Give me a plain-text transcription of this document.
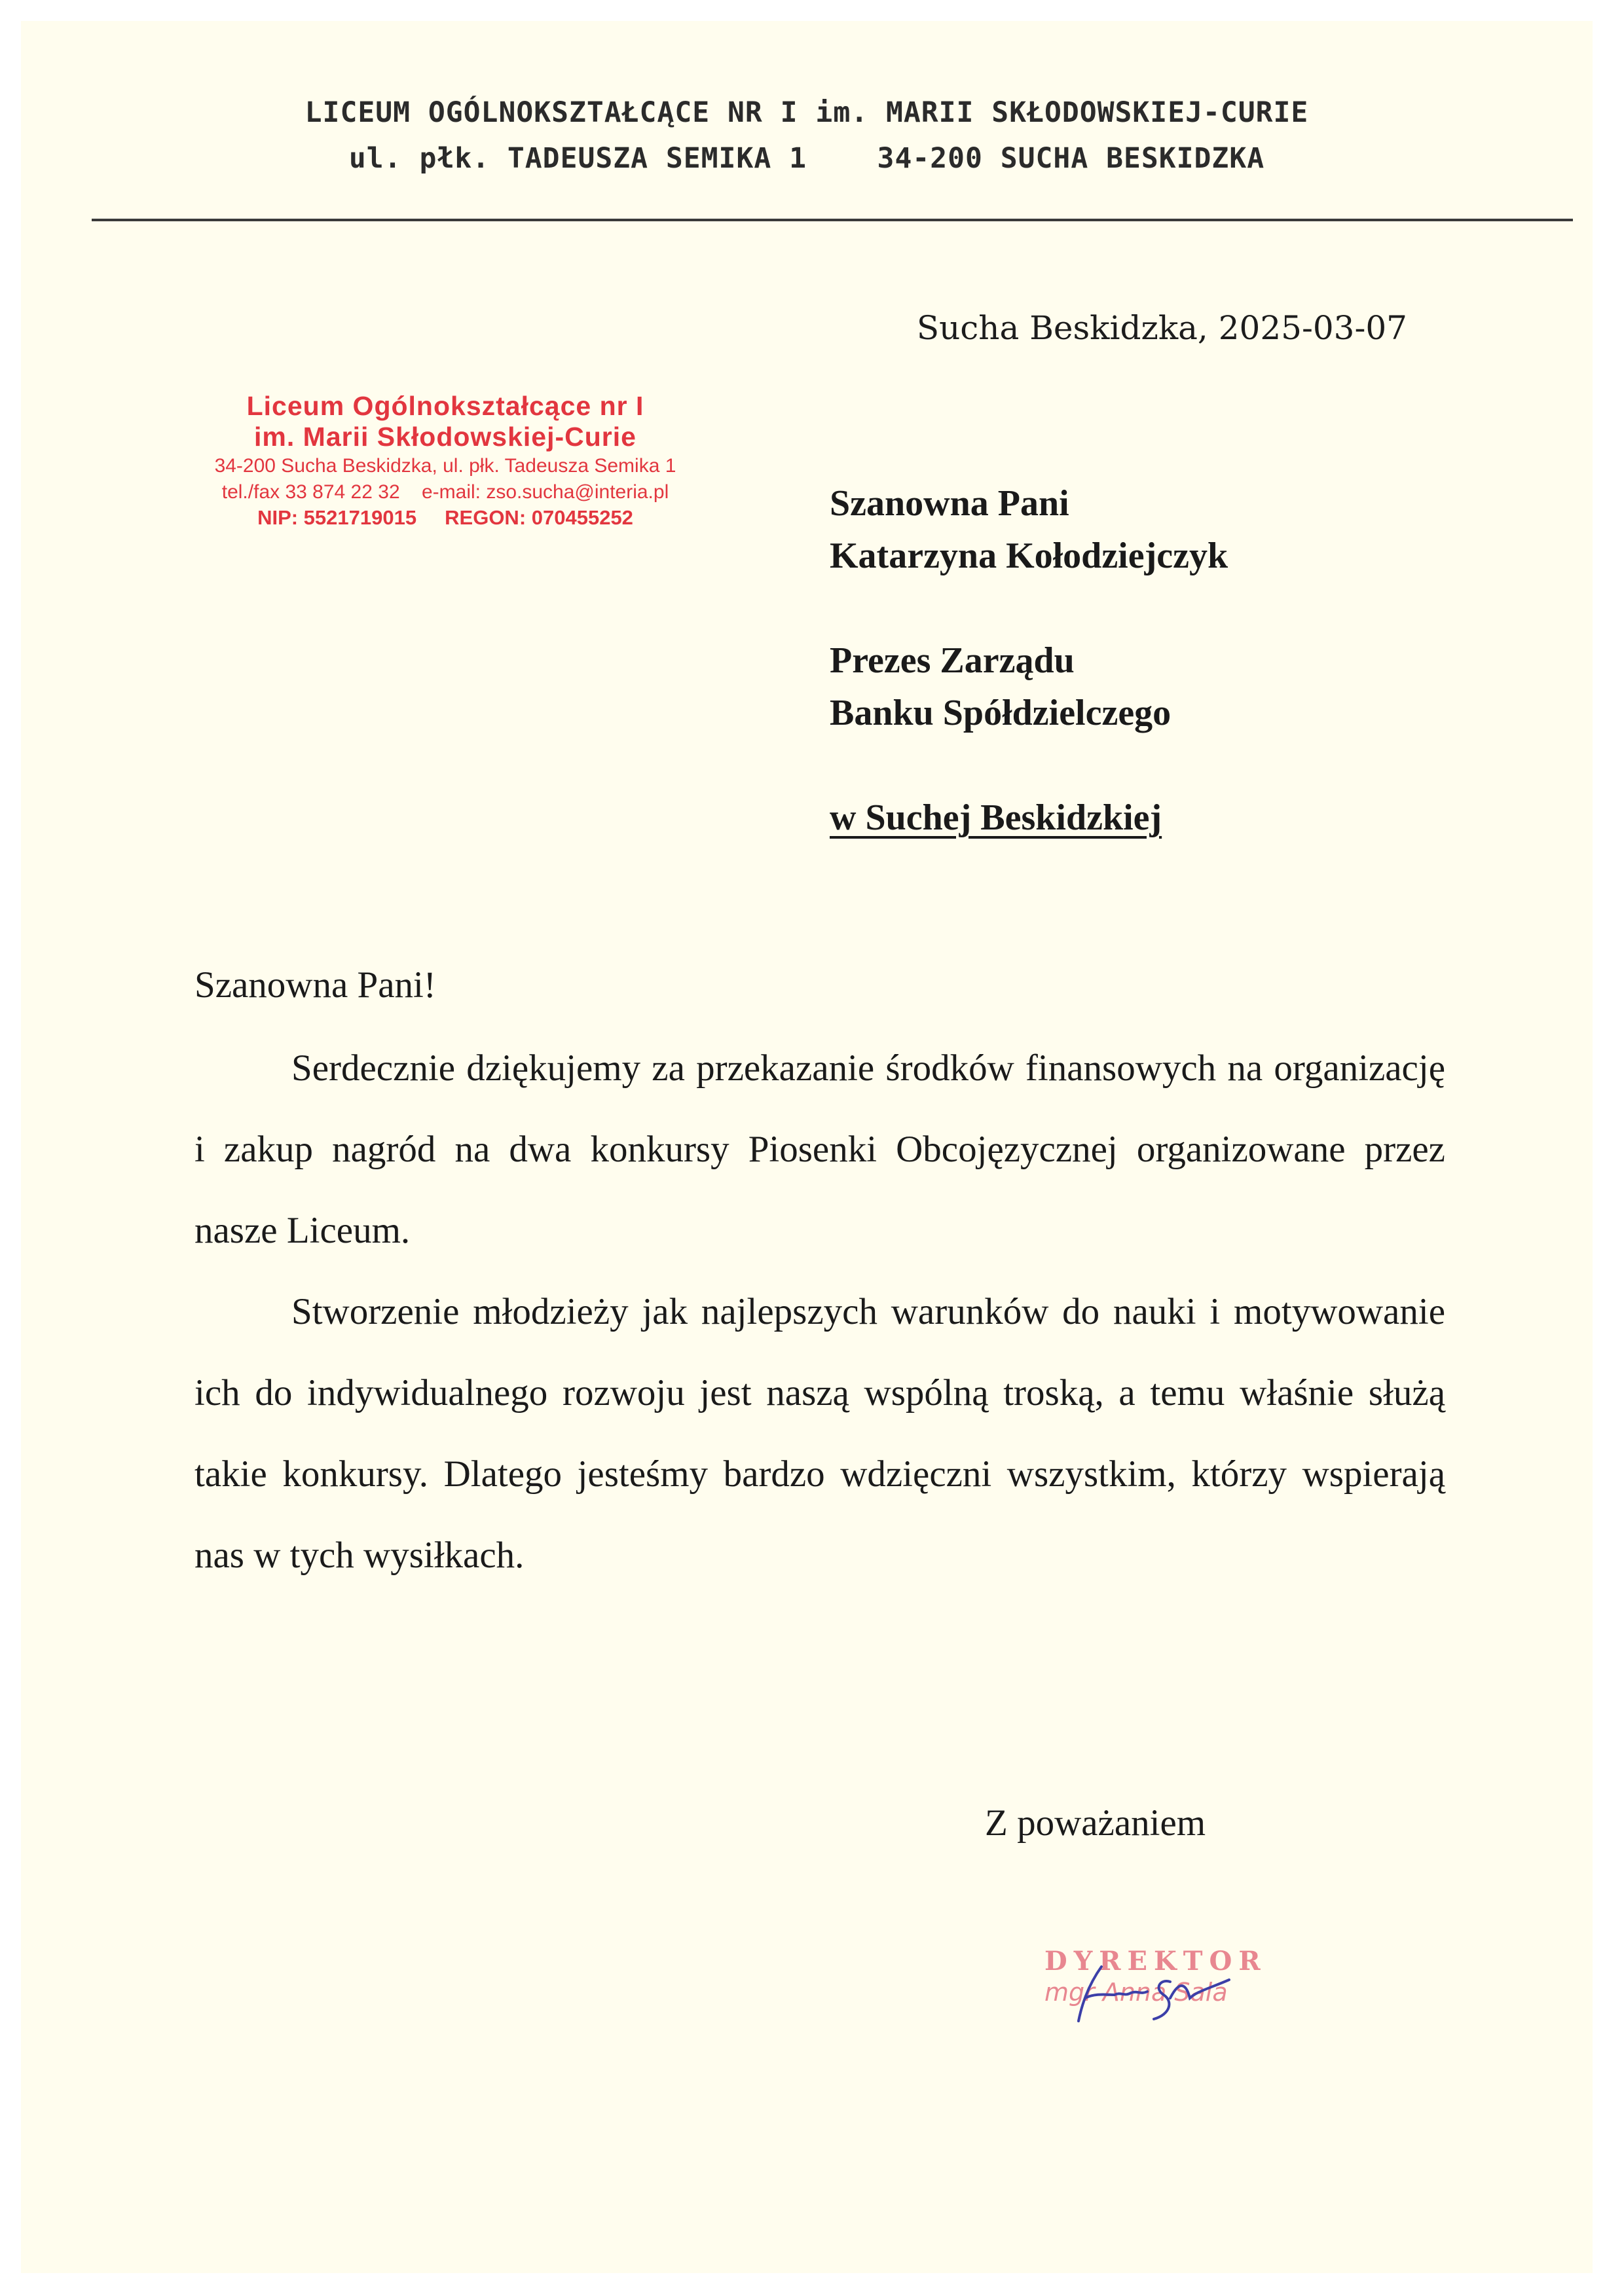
LICEUM OGÓLNOKSZTAŁCĄCE NR I im. MARII SKŁODOWSKIEJ-CURIE
ul. płk. TADEUSZA SEMIKA 1    34-200 SUCHA BESKIDZKA
Sucha Beskidzka, 2025-03-07
Liceum Ogólnokształcące nr I
im. Marii Skłodowskiej-Curie
34-200 Sucha Beskidzka, ul. płk. Tadeusza Semika 1
tel./fax 33 874 22 32    e-mail: zso.sucha@interia.pl
NIP: 5521719015     REGON: 070455252	Szanowna Pani
Katarzyna Kołodziejczyk
Prezes Zarządu
Banku Spółdzielczego
w Suchej Beskidzkiej
Szanowna Pani!

Serdecznie dziękujemy za przekazanie środków finansowych na organizację i zakup nagród na dwa konkursy Piosenki Obcojęzycznej organizowane przez nasze Liceum.

Stworzenie młodzieży jak najlepszych warunków do nauki i motywowanie ich do indywidualnego rozwoju jest naszą wspólną troską, a temu właśnie służą takie konkursy. Dlatego jesteśmy bardzo wdzięczni wszystkim, którzy wspierają nas w tych wysiłkach.

Z poważaniem
DYREKTOR
mgr Anna Sala
